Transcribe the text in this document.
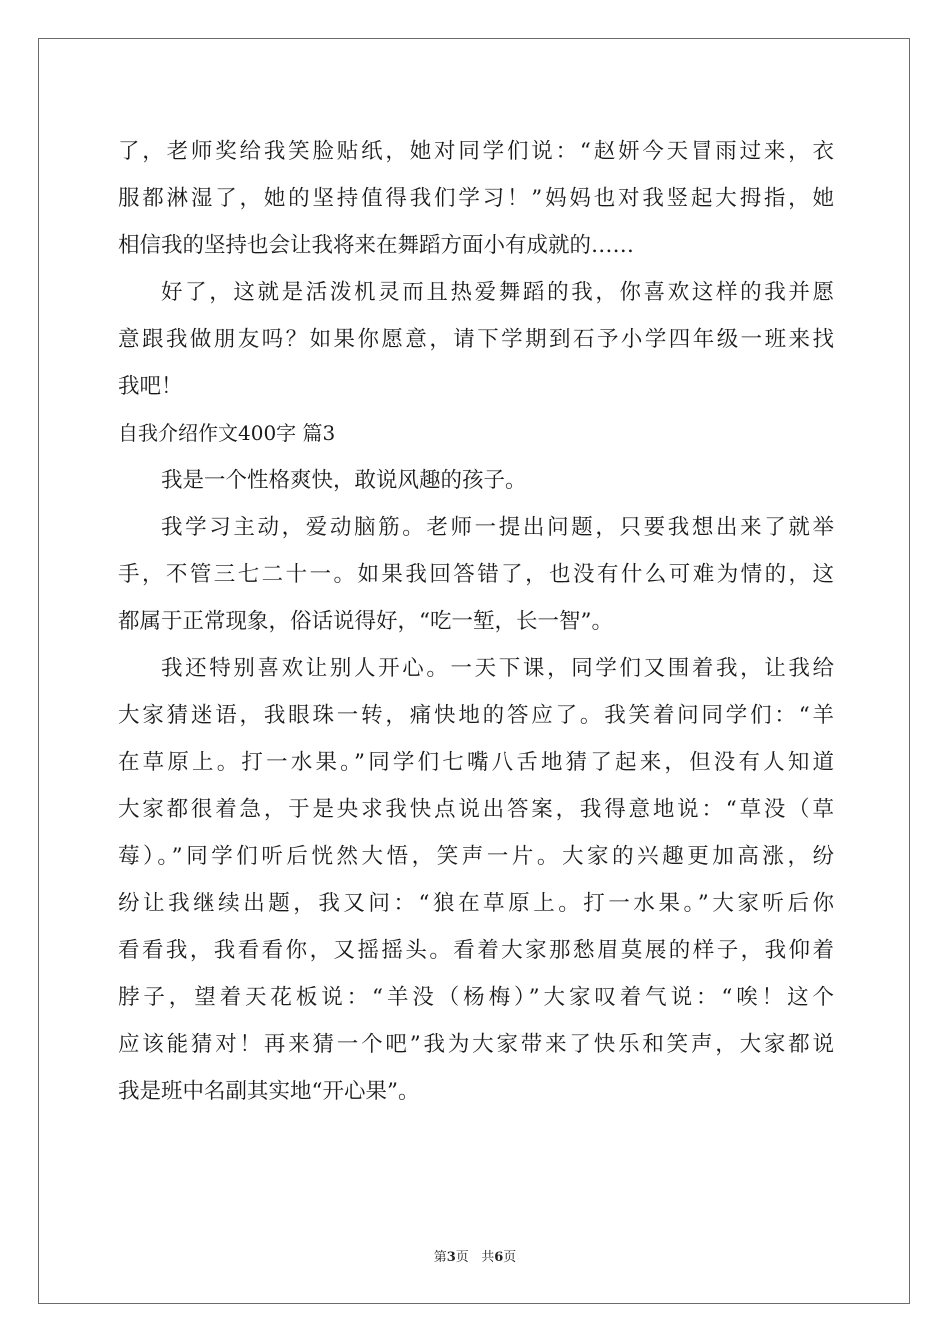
了，老师奖给我笑脸贴纸，她对同学们说：“赵妍今天冒雨过来，衣
服都淋湿了，她的坚持值得我们学习！”妈妈也对我竖起大拇指，她
相信我的坚持也会让我将来在舞蹈方面小有成就的……
好了，这就是活泼机灵而且热爱舞蹈的我，你喜欢这样的我并愿
意跟我做朋友吗？如果你愿意，请下学期到石予小学四年级一班来找
我吧！
自我介绍作文400字 篇3
我是一个性格爽快，敢说风趣的孩子。
我学习主动，爱动脑筋。老师一提出问题，只要我想出来了就举
手，不管三七二十一。如果我回答错了，也没有什么可难为情的，这
都属于正常现象，俗话说得好，“吃一堑，长一智”。
我还特别喜欢让别人开心。一天下课，同学们又围着我，让我给
大家猜迷语，我眼珠一转，痛快地的答应了。我笑着问同学们：“羊
在草原上。打一水果。”同学们七嘴八舌地猜了起来，但没有人知道
大家都很着急，于是央求我快点说出答案，我得意地说：“草没（草
莓）。”同学们听后恍然大悟，笑声一片。大家的兴趣更加高涨，纷
纷让我继续出题，我又问：“狼在草原上。打一水果。”大家听后你
看看我，我看看你，又摇摇头。看着大家那愁眉莫展的样子，我仰着
脖子，望着天花板说：“羊没（杨梅）”大家叹着气说：“唉！这个
应该能猜对！再来猜一个吧”我为大家带来了快乐和笑声，大家都说
我是班中名副其实地“开心果”。
第3页 共6页
